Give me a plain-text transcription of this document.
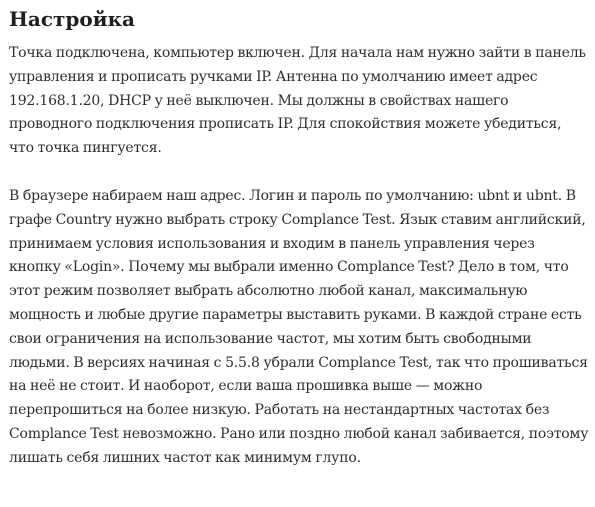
Настройка

Точка подключена, компьютер включен. Для начала нам нужно зайти в панель управления и прописать ручками IP. Антенна по умолчанию имеет адрес 192.168.1.20, DHCP у неё выключен. Мы должны в свойствах нашего проводного подключения прописать IP. Для спокойствия можете убедиться, что точка пингуется.

В браузере набираем наш адрес. Логин и пароль по умолчанию: ubnt и ubnt. В графе Country нужно выбрать строку Complance Test. Язык ставим английский, принимаем условия использования и входим в панель управления через кнопку «Login». Почему мы выбрали именно Complance Test? Дело в том, что этот режим позволяет выбрать абсолютно любой канал, максимальную мощность и любые другие параметры выставить руками. В каждой стране есть свои ограничения на использование частот, мы хотим быть свободными людьми. В версиях начиная с 5.5.8 убрали Complance Test, так что прошиваться на неё не стоит. И наоборот, если ваша прошивка выше — можно перепрошиться на более низкую. Работать на нестандартных частотах без Complance Test невозможно. Рано или поздно любой канал забивается, поэтому лишать себя лишних частот как минимум глупо.
